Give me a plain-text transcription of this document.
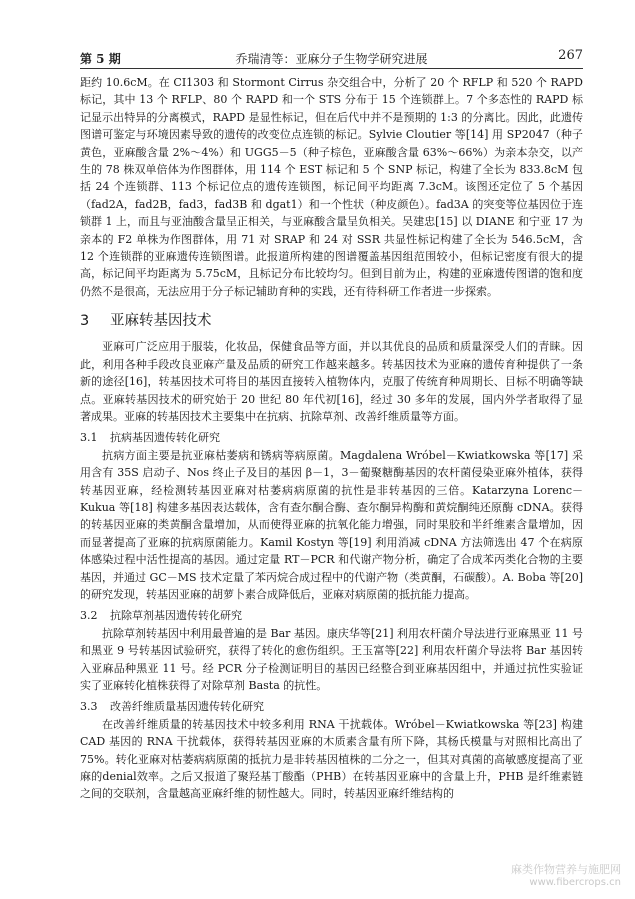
第 5 期	乔瑞清等：亚麻分子生物学研究进展	267

距约 10.6cM。在 CI1303 和 Stormont Cirrus 杂交组合中，分析了 20 个 RFLP 和 520 个 RAPD 标记，其中 13 个 RFLP、80 个 RAPD 和一个 STS 分布于 15 个连锁群上。7 个多态性的 RAPD 标记显示出特异的分离模式，RAPD 是显性标记，但在后代中并不是预期的 1:3 的分离比。因此，此遗传图谱可鉴定与环境因素导致的遗传的改变位点连锁的标记。Sylvie Cloutier 等[14] 用 SP2047（种子黄色，亚麻酸含量 2%～4%）和 UGG5－5（种子棕色，亚麻酸含量 63%～66%）为亲本杂交，以产生的 78 株双单倍体为作图群体，用 114 个 EST 标记和 5 个 SNP 标记，构建了全长为 833.8cM 包括 24 个连锁群、113 个标记位点的遗传连锁图，标记间平均距离 7.3cM。该图还定位了 5 个基因（fad2A，fad2B，fad3，fad3B 和 dgat1）和一个性状（种皮颜色）。fad3A 的突变等位基因位于连锁群 1 上，而且与亚油酸含量呈正相关，与亚麻酸含量呈负相关。吴建忠[15] 以 DIANE 和宁亚 17 为亲本的 F2 单株为作图群体，用 71 对 SRAP 和 24 对 SSR 共显性标记构建了全长为 546.5cM，含 12 个连锁群的亚麻遗传连锁图谱。此报道所构建的图谱覆盖基因组范围较小，但标记密度有很大的提高，标记间平均距离为 5.75cM，且标记分布比较均匀。但到目前为止，构建的亚麻遗传图谱的饱和度仍然不是很高，无法应用于分子标记辅助育种的实践，还有待科研工作者进一步探索。

3 亚麻转基因技术

亚麻可广泛应用于服装，化妆品，保健食品等方面，并以其优良的品质和质量深受人们的青睐。因此，利用各种手段改良亚麻产量及品质的研究工作越来越多。转基因技术为亚麻的遗传育种提供了一条新的途径[16]，转基因技术可将目的基因直接转入植物体内，克服了传统育种周期长、目标不明确等缺点。亚麻转基因技术的研究始于 20 世纪 80 年代初[16]，经过 30 多年的发展，国内外学者取得了显著成果。亚麻的转基因技术主要集中在抗病、抗除草剂、改善纤维质量等方面。

3.1 抗病基因遗传转化研究

抗病方面主要是抗亚麻枯萎病和锈病等病原菌。Magdalena Wróbel－Kwiatkowska 等[17] 采用含有 35S 启动子、Nos 终止子及目的基因 β－1，3－葡聚糖酶基因的农杆菌侵染亚麻外植体，获得转基因亚麻，经检测转基因亚麻对枯萎病病原菌的抗性是非转基因的三倍。Katarzyna Lorenc－Kukua 等[18] 构建多基因表达载体，含有查尔酮合酶、查尔酮异构酶和黄烷酮纯还原酶 cDNA。获得的转基因亚麻的类黄酮含量增加，从而使得亚麻的抗氧化能力增强，同时果胶和半纤维素含量增加，因而显著提高了亚麻的抗病原菌能力。Kamil Kostyn 等[19] 利用消减 cDNA 方法筛选出 47 个在病原体感染过程中活性提高的基因。通过定量 RT－PCR 和代谢产物分析，确定了合成苯丙类化合物的主要基因，并通过 GC－MS 技术定量了苯丙烷合成过程中的代谢产物（类黄酮，石碳酸）。A. Boba 等[20] 的研究发现，转基因亚麻的胡萝卜素合成降低后，亚麻对病原菌的抵抗能力提高。

3.2 抗除草剂基因遗传转化研究

抗除草剂转基因中利用最普遍的是 Bar 基因。康庆华等[21] 利用农杆菌介导法进行亚麻黑亚 11 号和黑亚 9 号转基因试验研究，获得了转化的愈伤组织。王玉富等[22] 利用农杆菌介导法将 Bar 基因转入亚麻品种黑亚 11 号。经 PCR 分子检测证明目的基因已经整合到亚麻基因组中，并通过抗性实验证实了亚麻转化植株获得了对除草剂 Basta 的抗性。

3.3 改善纤维质量基因遗传转化研究

在改善纤维质量的转基因技术中较多利用 RNA 干扰载体。Wróbel－Kwiatkowska 等[23] 构建 CAD 基因的 RNA 干扰载体，获得转基因亚麻的木质素含量有所下降，其杨氏模量与对照相比高出了 75%。转化亚麻对枯萎病病原菌的抵抗力是非转基因植株的二分之一，但其对真菌的高敏感度提高了亚麻的denial效率。之后又报道了聚羟基丁酸酯（PHB）在转基因亚麻中的含量上升，PHB 是纤维素链之间的交联剂，含量越高亚麻纤维的韧性越大。同时，转基因亚麻纤维结构的

麻类作物营养与施肥网
www.fibercrops.cn
